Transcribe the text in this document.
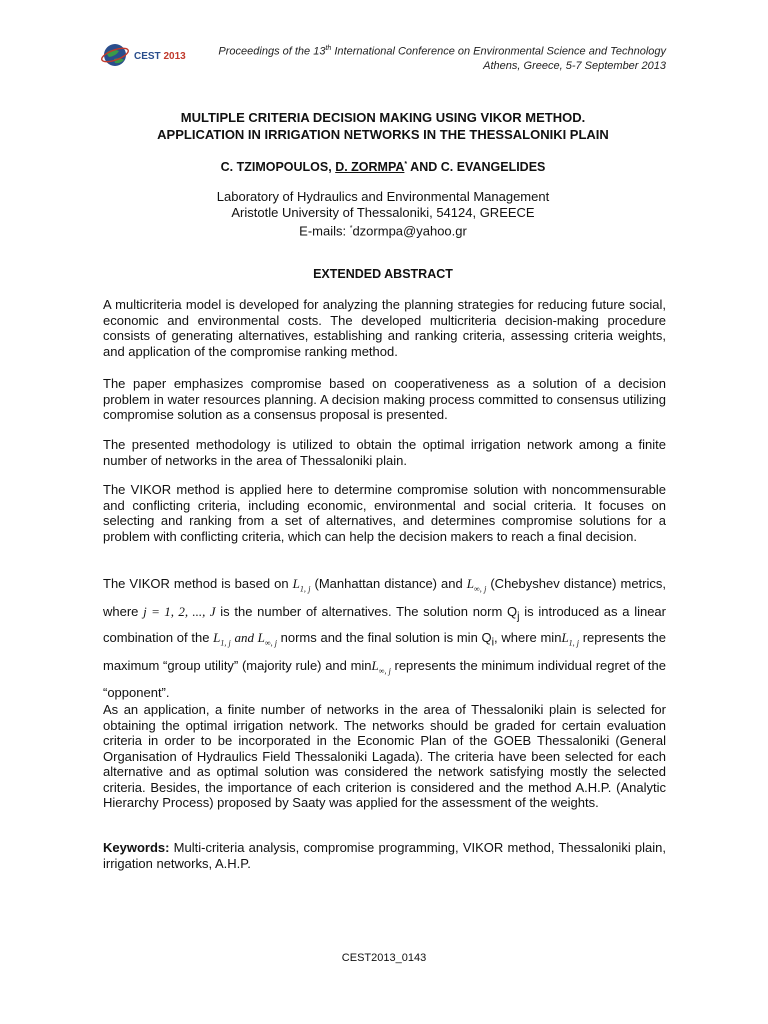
CEST 2013	Proceedings of the 13th International Conference on Environmental Science and Technology
Athens, Greece, 5-7 September 2013
MULTIPLE CRITERIA DECISION MAKING USING VIKOR METHOD.
APPLICATION IN IRRIGATION NETWORKS IN THE THESSALONIKI PLAIN
C. TZIMOPOULOS, D. ZORMPA* AND C. EVANGELIDES
Laboratory of Hydraulics and Environmental Management
Aristotle University of Thessaloniki, 54124, GREECE
E-mails: *dzormpa@yahoo.gr
EXTENDED ABSTRACT
A multicriteria model is developed for analyzing the planning strategies for reducing future social, economic and environmental costs. The developed multicriteria decision-making procedure consists of generating alternatives, establishing and ranking criteria, assessing criteria weights, and application of the compromise ranking method.
The paper emphasizes compromise based on cooperativeness as a solution of a decision problem in water resources planning. A decision making process committed to consensus utilizing compromise solution as a consensus proposal is presented.
The presented methodology is utilized to obtain the optimal irrigation network among a finite number of networks in the area of Thessaloniki plain.
The VIKOR method is applied here to determine compromise solution with noncommensurable and conflicting criteria, including economic, environmental and social criteria. It focuses on selecting and ranking from a set of alternatives, and determines compromise solutions for a problem with conflicting criteria, which can help the decision makers to reach a final decision.
The VIKOR method is based on $L_{1, j}$ (Manhattan distance) and $L_{\infty, j}$ (Chebyshev distance) metrics, where j = 1, 2, ..., J is the number of alternatives. The solution norm $Q_j$ is introduced as a linear combination of the $L_{1, j}$ and $L_{\infty, j}$ norms and the final solution is $\min Q_i$, where minL$_{1, j}$ represents the maximum “group utility” (majority rule) and minL$_{\infty, j}$ represents the minimum individual regret of the “opponent”.
As an application, a finite number of networks in the area of Thessaloniki plain is selected for obtaining the optimal irrigation network. The networks should be graded for certain evaluation criteria in order to be incorporated in the Economic Plan of the GOEB Thessaloniki (General Organisation of Hydraulics Field Thessaloniki Lagada). The criteria have been selected for each alternative and as optimal solution was considered the network satisfying mostly the selected criteria. Besides, the importance of each criterion is considered and the method A.H.P. (Analytic Hierarchy Process) proposed by Saaty was applied for the assessment of the weights.
Keywords: Multi-criteria analysis, compromise programming, VIKOR method, Thessaloniki plain, irrigation networks, A.H.P.
CEST2013_0143
